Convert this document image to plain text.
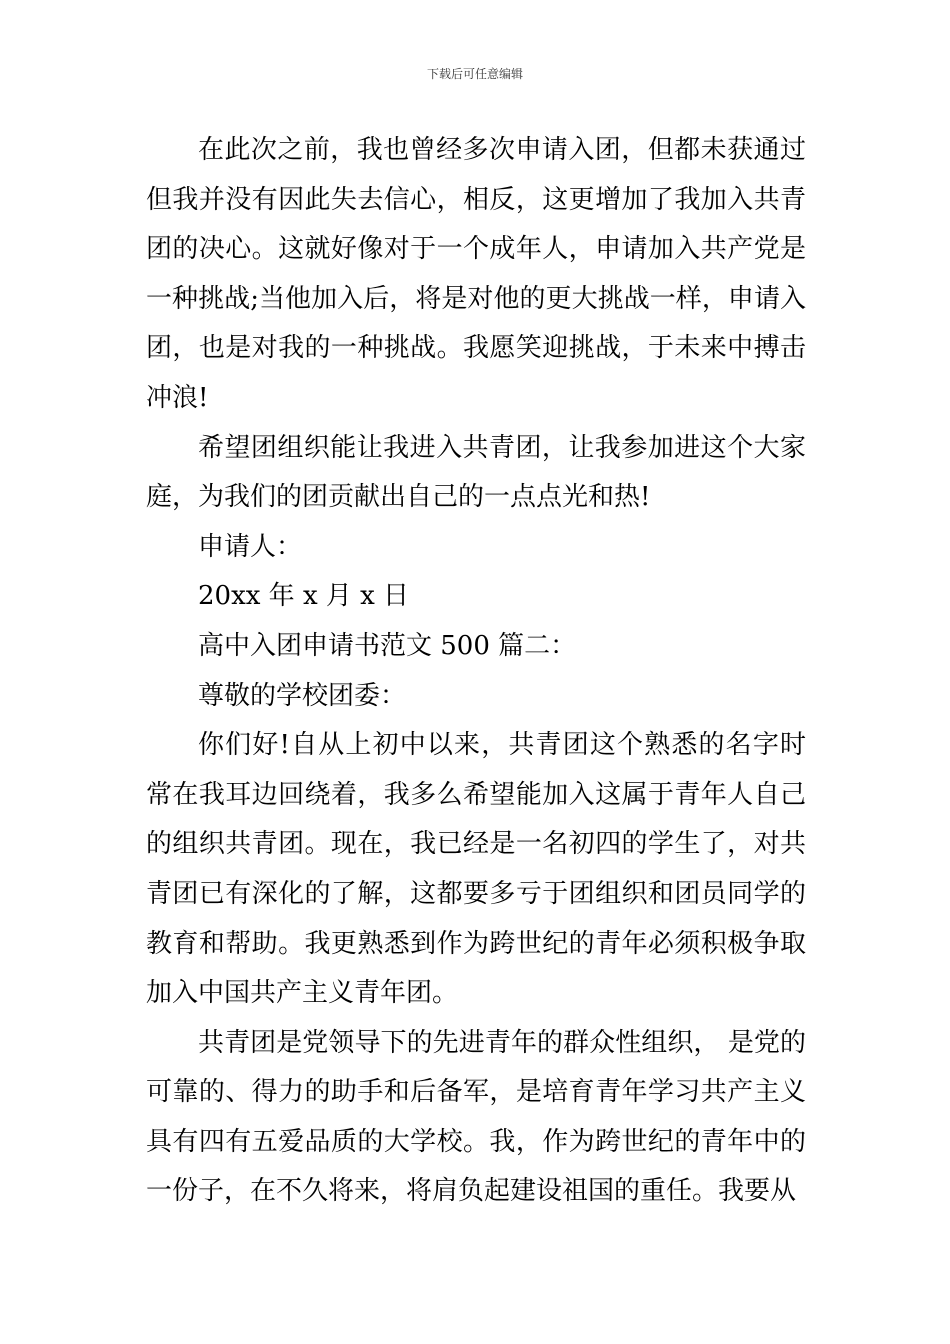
下载后可任意编辑

在此次之前，我也曾经多次申请入团，但都未获通过但我并没有因此失去信心，相反，这更增加了我加入共青团的决心。这就好像对于一个成年人，申请加入共产党是一种挑战;当他加入后，将是对他的更大挑战一样，申请入团，也是对我的一种挑战。我愿笑迎挑战，于未来中搏击冲浪!

希望团组织能让我进入共青团，让我参加进这个大家庭，为我们的团贡献出自己的一点点光和热!

申请人：

20xx 年 x 月 x 日

高中入团申请书范文 500 篇二：

尊敬的学校团委：

你们好!自从上初中以来，共青团这个熟悉的名字时常在我耳边回绕着，我多么希望能加入这属于青年人自己的组织共青团。现在，我已经是一名初四的学生了，对共青团已有深化的了解，这都要多亏于团组织和团员同学的教育和帮助。我更熟悉到作为跨世纪的青年必须积极争取加入中国共产主义青年团。

共青团是党领导下的先进青年的群众性组织， 是党的可靠的、得力的助手和后备军，是培育青年学习共产主义具有四有五爱品质的大学校。我，作为跨世纪的青年中的一份子，在不久将来，将肩负起建设祖国的重任。我要从
